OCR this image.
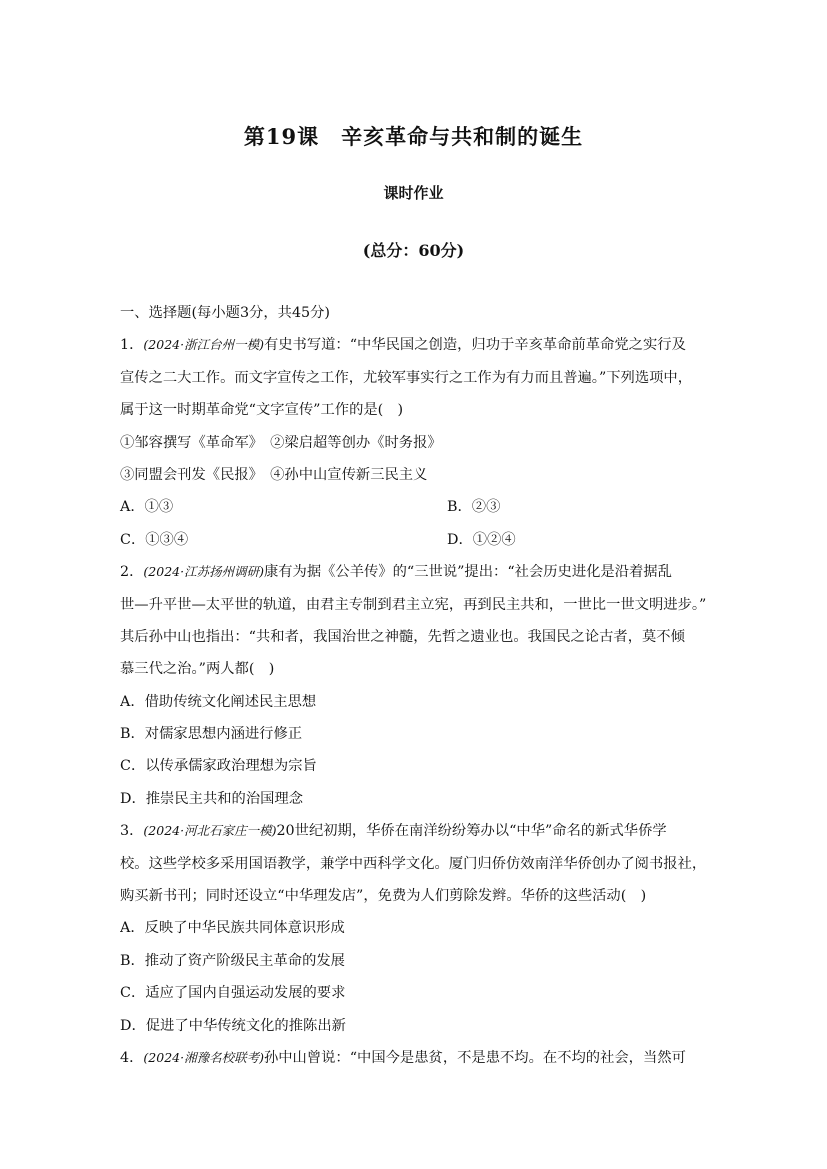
第19课　辛亥革命与共和制的诞生
课时作业
(总分：60分)
一、选择题(每小题3分，共45分)
1．(2024·浙江台州一模)有史书写道：“中华民国之创造，归功于辛亥革命前革命党之实行及
宣传之二大工作。而文字宣传之工作，尤较军事实行之工作为有力而且普遍。”下列选项中，
属于这一时期革命党“文字宣传”工作的是(　)
①邹容撰写《革命军》　②梁启超等创办《时务报》
③同盟会刊发《民报》　④孙中山宣传新三民主义
A．①③	B．②③
C．①③④	D．①②④
2．(2024·江苏扬州调研)康有为据《公羊传》的“三世说”提出：“社会历史进化是沿着据乱
世—升平世—太平世的轨道，由君主专制到君主立宪，再到民主共和，一世比一世文明进步。”
其后孙中山也指出：“共和者，我国治世之神髓，先哲之遗业也。我国民之论古者，莫不倾
慕三代之治。”两人都(　)
A．借助传统文化阐述民主思想
B．对儒家思想内涵进行修正
C．以传承儒家政治理想为宗旨
D．推崇民主共和的治国理念
3．(2024·河北石家庄一模)20世纪初期，华侨在南洋纷纷筹办以“中华”命名的新式华侨学
校。这些学校多采用国语教学，兼学中西科学文化。厦门归侨仿效南洋华侨创办了阅书报社，
购买新书刊；同时还设立“中华理发店”，免费为人们剪除发辫。华侨的这些活动(　)
A．反映了中华民族共同体意识形成
B．推动了资产阶级民主革命的发展
C．适应了国内自强运动发展的要求
D．促进了中华传统文化的推陈出新
4．(2024·湘豫名校联考)孙中山曾说：“中国今是患贫，不是患不均。在不均的社会，当然可
